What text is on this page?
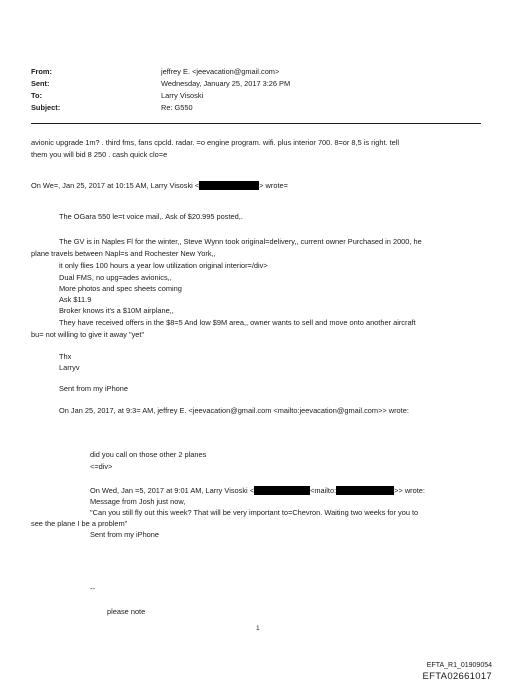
From:	jeffrey E. <jeevacation@gmail.com>
Sent:	Wednesday, January 25, 2017 3:26 PM
To:	Larry Visoski
Subject:	Re: G550
avionic upgrade 1m? . third fms, fans cpcld. radar. =o engine program. wifi. plus interior 700. 8=or 8,5 is right. tell
them you will bid 8 250 . cash quick clo=e
On We=, Jan 25, 2017 at 10:15 AM, Larry Visoski <	> wrote=
The OGara 550 le=t voice mail,. Ask of $20.995 posted,.
The GV is in Naples Fl for the winter,, Steve Wynn took original=delivery,, current owner Purchased in 2000, he
plane travels between Napl=s and Rochester New York,,
it only flies 100 hours a year low utilization original interior=/div>
Dual FMS, no upg=ades avionics,,
More photos and spec sheets coming
Ask $11.9
Broker knows it's a $10M airplane,,
They have received offers in the $8=5 And low $9M area,, owner wants to sell and move onto another aircraft
bu= not willing to give it away "yet"
Thx
Larryv
Sent from my iPhone
On Jan 25, 2017, at 9:3= AM, jeffrey E. <jeevacation@gmail.com <mailto:jeevacation@gmail.com>> wrote:
did you call on those other 2 planes
<=div>
On Wed, Jan =5, 2017 at 9:01 AM, Larry Visoski <	<mailto:	>> wrote:
Message from Josh just now,
"Can you still fly out this week? That will be very important to=Chevron. Waiting two weeks for you to
see the plane I be a problem"
Sent from my iPhone
--
please note
1
EFTA_R1_01909054
EFTA02661017
